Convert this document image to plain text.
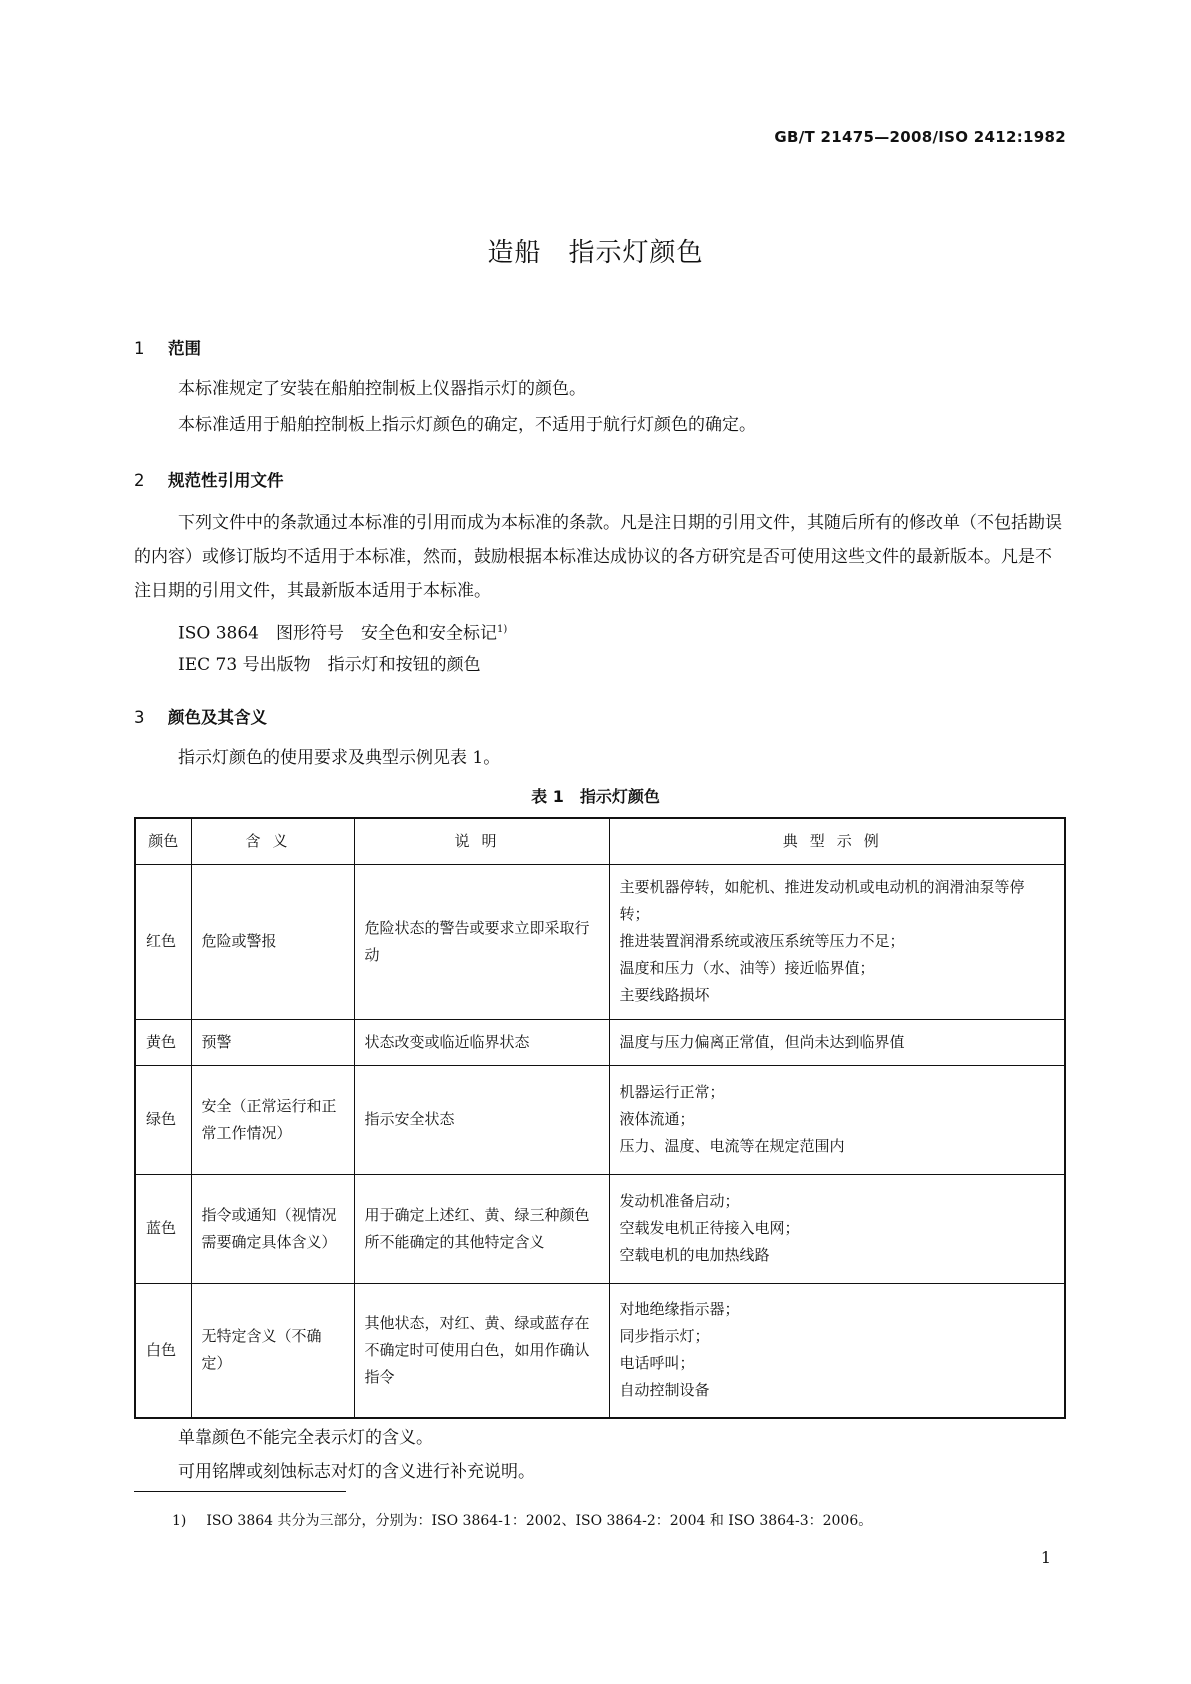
GB/T 21475—2008/ISO 2412:1982
造船　指示灯颜色
1 范围
本标准规定了安装在船舶控制板上仪器指示灯的颜色。
本标准适用于船舶控制板上指示灯颜色的确定，不适用于航行灯颜色的确定。
2 规范性引用文件
下列文件中的条款通过本标准的引用而成为本标准的条款。凡是注日期的引用文件，其随后所有的修改单（不包括勘误的内容）或修订版均不适用于本标准，然而，鼓励根据本标准达成协议的各方研究是否可使用这些文件的最新版本。凡是不注日期的引用文件，其最新版本适用于本标准。
ISO 3864　图形符号　安全色和安全标记$^{1)}$
IEC 73 号出版物　指示灯和按钮的颜色
3 颜色及其含义
指示灯颜色的使用要求及典型示例见表 1。
表 1　指示灯颜色
颜色	含义	说明	典型示例
红色	危险或警报	危险状态的警告或要求立即采取行动	主要机器停转，如舵机、推进发动机或电动机的润滑油泵等停转；
推进装置润滑系统或液压系统等压力不足；
温度和压力（水、油等）接近临界值；
主要线路损坏

黄色	预警	状态改变或临近临界状态	温度与压力偏离正常值，但尚未达到临界值

绿色	安全（正常运行和正常工作情况）	指示安全状态	机器运行正常；
液体流通；
压力、温度、电流等在规定范围内

蓝色	指令或通知（视情况需要确定具体含义）	用于确定上述红、黄、绿三种颜色所不能确定的其他特定含义	发动机准备启动；
空载发电机正待接入电网；
空载电机的电加热线路

白色	无特定含义（不确定）	其他状态，对红、黄、绿或蓝存在不确定时可使用白色，如用作确认指令	对地绝缘指示器；
同步指示灯；
电话呼叫；
自动控制设备
单靠颜色不能完全表示灯的含义。
可用铭牌或刻蚀标志对灯的含义进行补充说明。
1) ISO 3864 共分为三部分，分别为：ISO 3864-1：2002、ISO 3864-2：2004 和 ISO 3864-3：2006。
1
